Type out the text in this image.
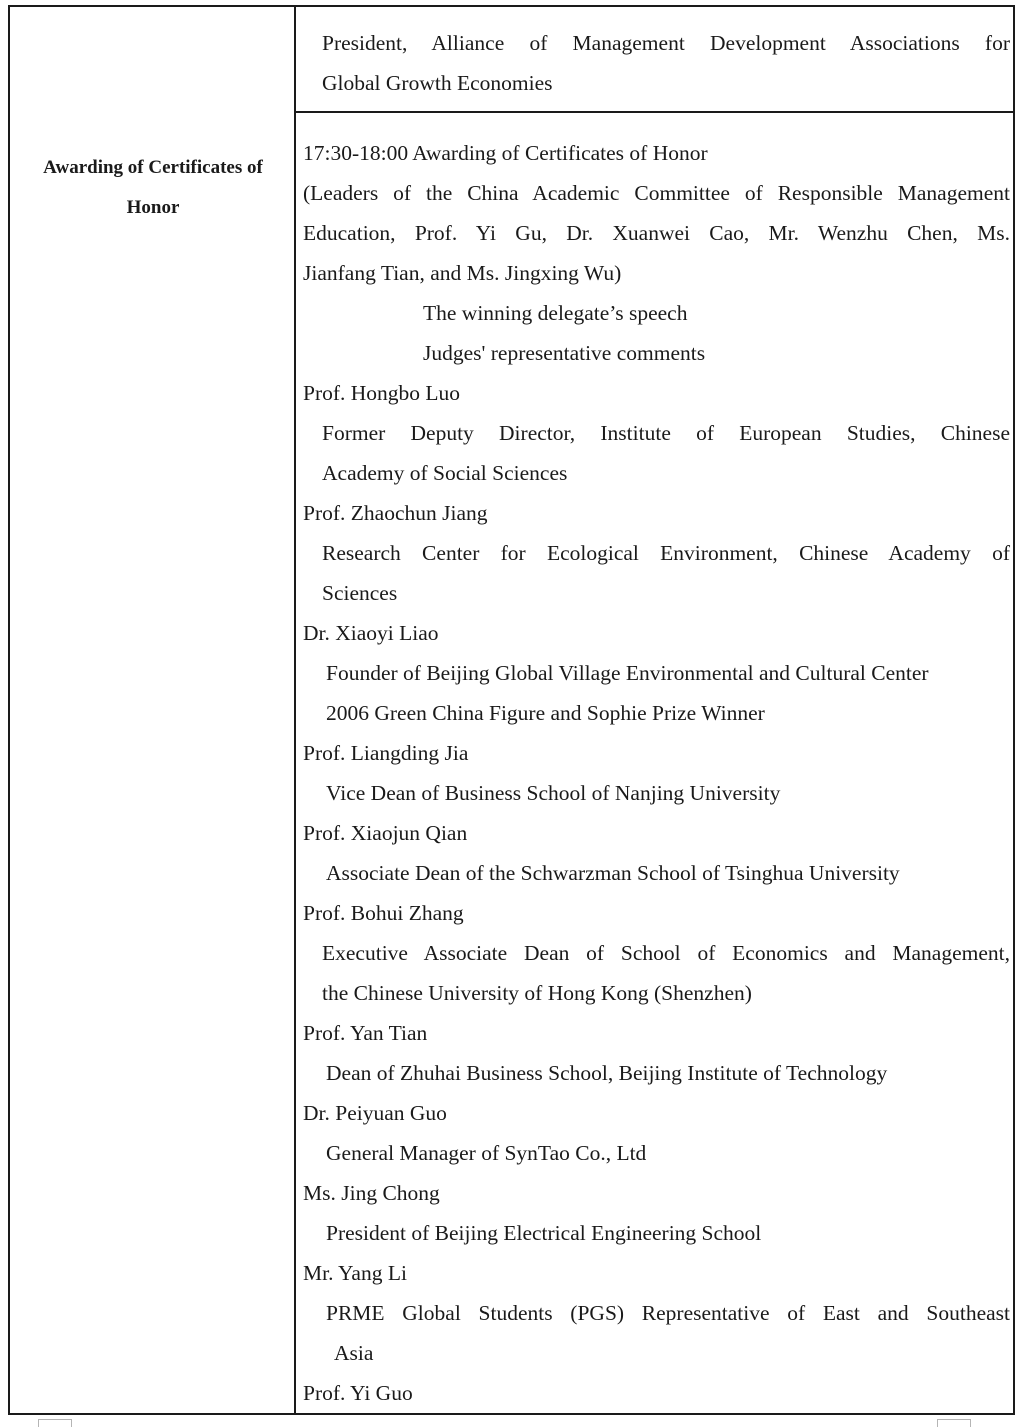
Awarding of Certificates of Honor
President, Alliance of Management Development Associations for
Global Growth Economies
17:30-18:00 Awarding of Certificates of Honor
(Leaders of the China Academic Committee of Responsible Management
Education, Prof. Yi Gu, Dr. Xuanwei Cao, Mr. Wenzhu Chen, Ms.
Jianfang Tian, and Ms. Jingxing Wu)
The winning delegate’s speech
Judges' representative comments
Prof. Hongbo Luo
Former Deputy Director, Institute of European Studies, Chinese
Academy of Social Sciences
Prof. Zhaochun Jiang
Research Center for Ecological Environment, Chinese Academy of
Sciences
Dr. Xiaoyi Liao
Founder of Beijing Global Village Environmental and Cultural Center
2006 Green China Figure and Sophie Prize Winner
Prof. Liangding Jia
Vice Dean of Business School of Nanjing University
Prof. Xiaojun Qian
Associate Dean of the Schwarzman School of Tsinghua University
Prof. Bohui Zhang
Executive Associate Dean of School of Economics and Management,
the Chinese University of Hong Kong (Shenzhen)
Prof. Yan Tian
Dean of Zhuhai Business School, Beijing Institute of Technology
Dr. Peiyuan Guo
General Manager of SynTao Co., Ltd
Ms. Jing Chong
President of Beijing Electrical Engineering School
Mr. Yang Li
PRME Global Students (PGS) Representative of East and Southeast
Asia
Prof. Yi Guo
